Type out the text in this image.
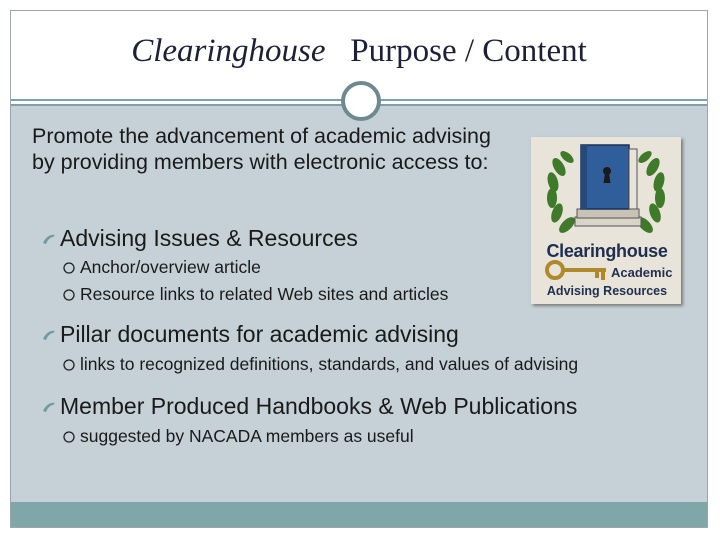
Clearinghouse Purpose / Content
Promote the advancement of academic advising by providing members with electronic access to:
Advising Issues & Resources
Anchor/overview article
Resource links to related Web sites and articles
Pillar documents for academic advising
links to recognized definitions, standards, and values of advising
Member Produced Handbooks & Web Publications
suggested by NACADA members as useful
Clearinghouse
Academic
Advising Resources
